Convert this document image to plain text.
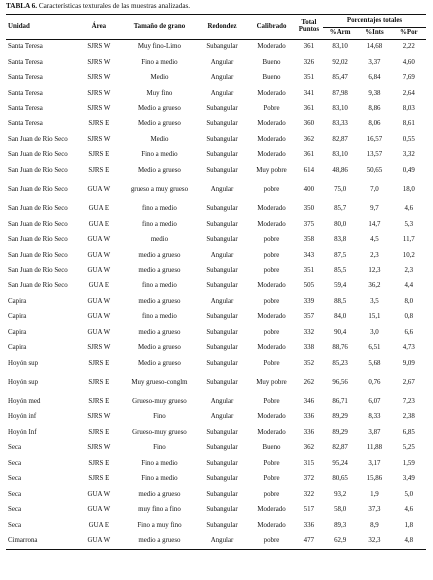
TABLA 6. Características texturales de las muestras analizadas.
Unidad	Área	Tamaño de grano	Redondez	Calibrado	Total Puntos	Porcentajes totales		
						%Arm	%Ints	%Por
Santa Teresa	SJRS W	Muy fino-Limo	Subangular	Moderado	361	83,10	14,68	2,22
Santa Teresa	SJRS W	Fino a medio	Angular	Bueno	326	92,02	3,37	4,60
Santa Teresa	SJRS W	Medio	Angular	Bueno	351	85,47	6,84	7,69
Santa Teresa	SJRS W	Muy fino	Angular	Moderado	341	87,98	9,38	2,64
Santa Teresa	SJRS W	Medio a grueso	Subangular	Pobre	361	83,10	8,86	8,03
Santa Teresa	SJRS E	Medio a grueso	Subangular	Moderado	360	83,33	8,06	8,61
San Juan de Río Seco	SJRS W	Medio	Subangular	Moderado	362	82,87	16,57	0,55
San Juan de Río Seco	SJRS E	Fino a medio	Subangular	Moderado	361	83,10	13,57	3,32
San Juan de Río Seco	SJRS E	Medio a grueso	Subangular	Muy pobre	614	48,86	50,65	0,49
San Juan de Río Seco	GUA W	grueso a muy grueso	Angular	pobre	400	75,0	7,0	18,0
San Juan de Río Seco	GUA E	fino a medio	Subangular	Moderado	350	85,7	9,7	4,6
San Juan de Río Seco	GUA E	fino a medio	Subangular	Moderado	375	80,0	14,7	5,3
San Juan de Río Seco	GUA W	medio	Subangular	pobre	358	83,8	4,5	11,7
San Juan de Río Seco	GUA W	medio a grueso	Angular	pobre	343	87,5	2,3	10,2
San Juan de Río Seco	GUA W	medio a grueso	Subangular	pobre	351	85,5	12,3	2,3
San Juan de Río Seco	GUA E	fino a medio	Subangular	Moderado	505	59,4	36,2	4,4
Capira	GUA W	medio a grueso	Angular	pobre	339	88,5	3,5	8,0
Capira	GUA W	fino a medio	Subangular	Moderado	357	84,0	15,1	0,8
Capira	GUA W	medio a grueso	Subangular	pobre	332	90,4	3,0	6,6
Capira	SJRS W	Medio a grueso	Subangular	Moderado	338	88,76	6,51	4,73
Hoyón sup	SJRS E	Medio a grueso	Subangular	Pobre	352	85,23	5,68	9,09
Hoyón sup	SJRS E	Muy grueso-conglm	Subangular	Muy pobre	262	96,56	0,76	2,67
Hoyón med	SJRS E	Grueso-muy grueso	Angular	Pobre	346	86,71	6,07	7,23
Hoyón inf	SJRS W	Fino	Angular	Moderado	336	89,29	8,33	2,38
Hoyón Inf	SJRS E	Grueso-muy grueso	Subangular	Moderado	336	89,29	3,87	6,85
Seca	SJRS W	Fino	Subangular	Bueno	362	82,87	11,88	5,25
Seca	SJRS E	Fino a medio	Subangular	Pobre	315	95,24	3,17	1,59
Seca	SJRS E	Fino a medio	Subangular	Pobre	372	80,65	15,86	3,49
Seca	GUA W	medio a grueso	Subangular	pobre	322	93,2	1,9	5,0
Seca	GUA W	muy fino a fino	Subangular	Moderado	517	58,0	37,3	4,6
Seca	GUA E	Fino a muy fino	Subangular	Moderado	336	89,3	8,9	1,8
Cimarrona	GUA W	medio a grueso	Angular	pobre	477	62,9	32,3	4,8
